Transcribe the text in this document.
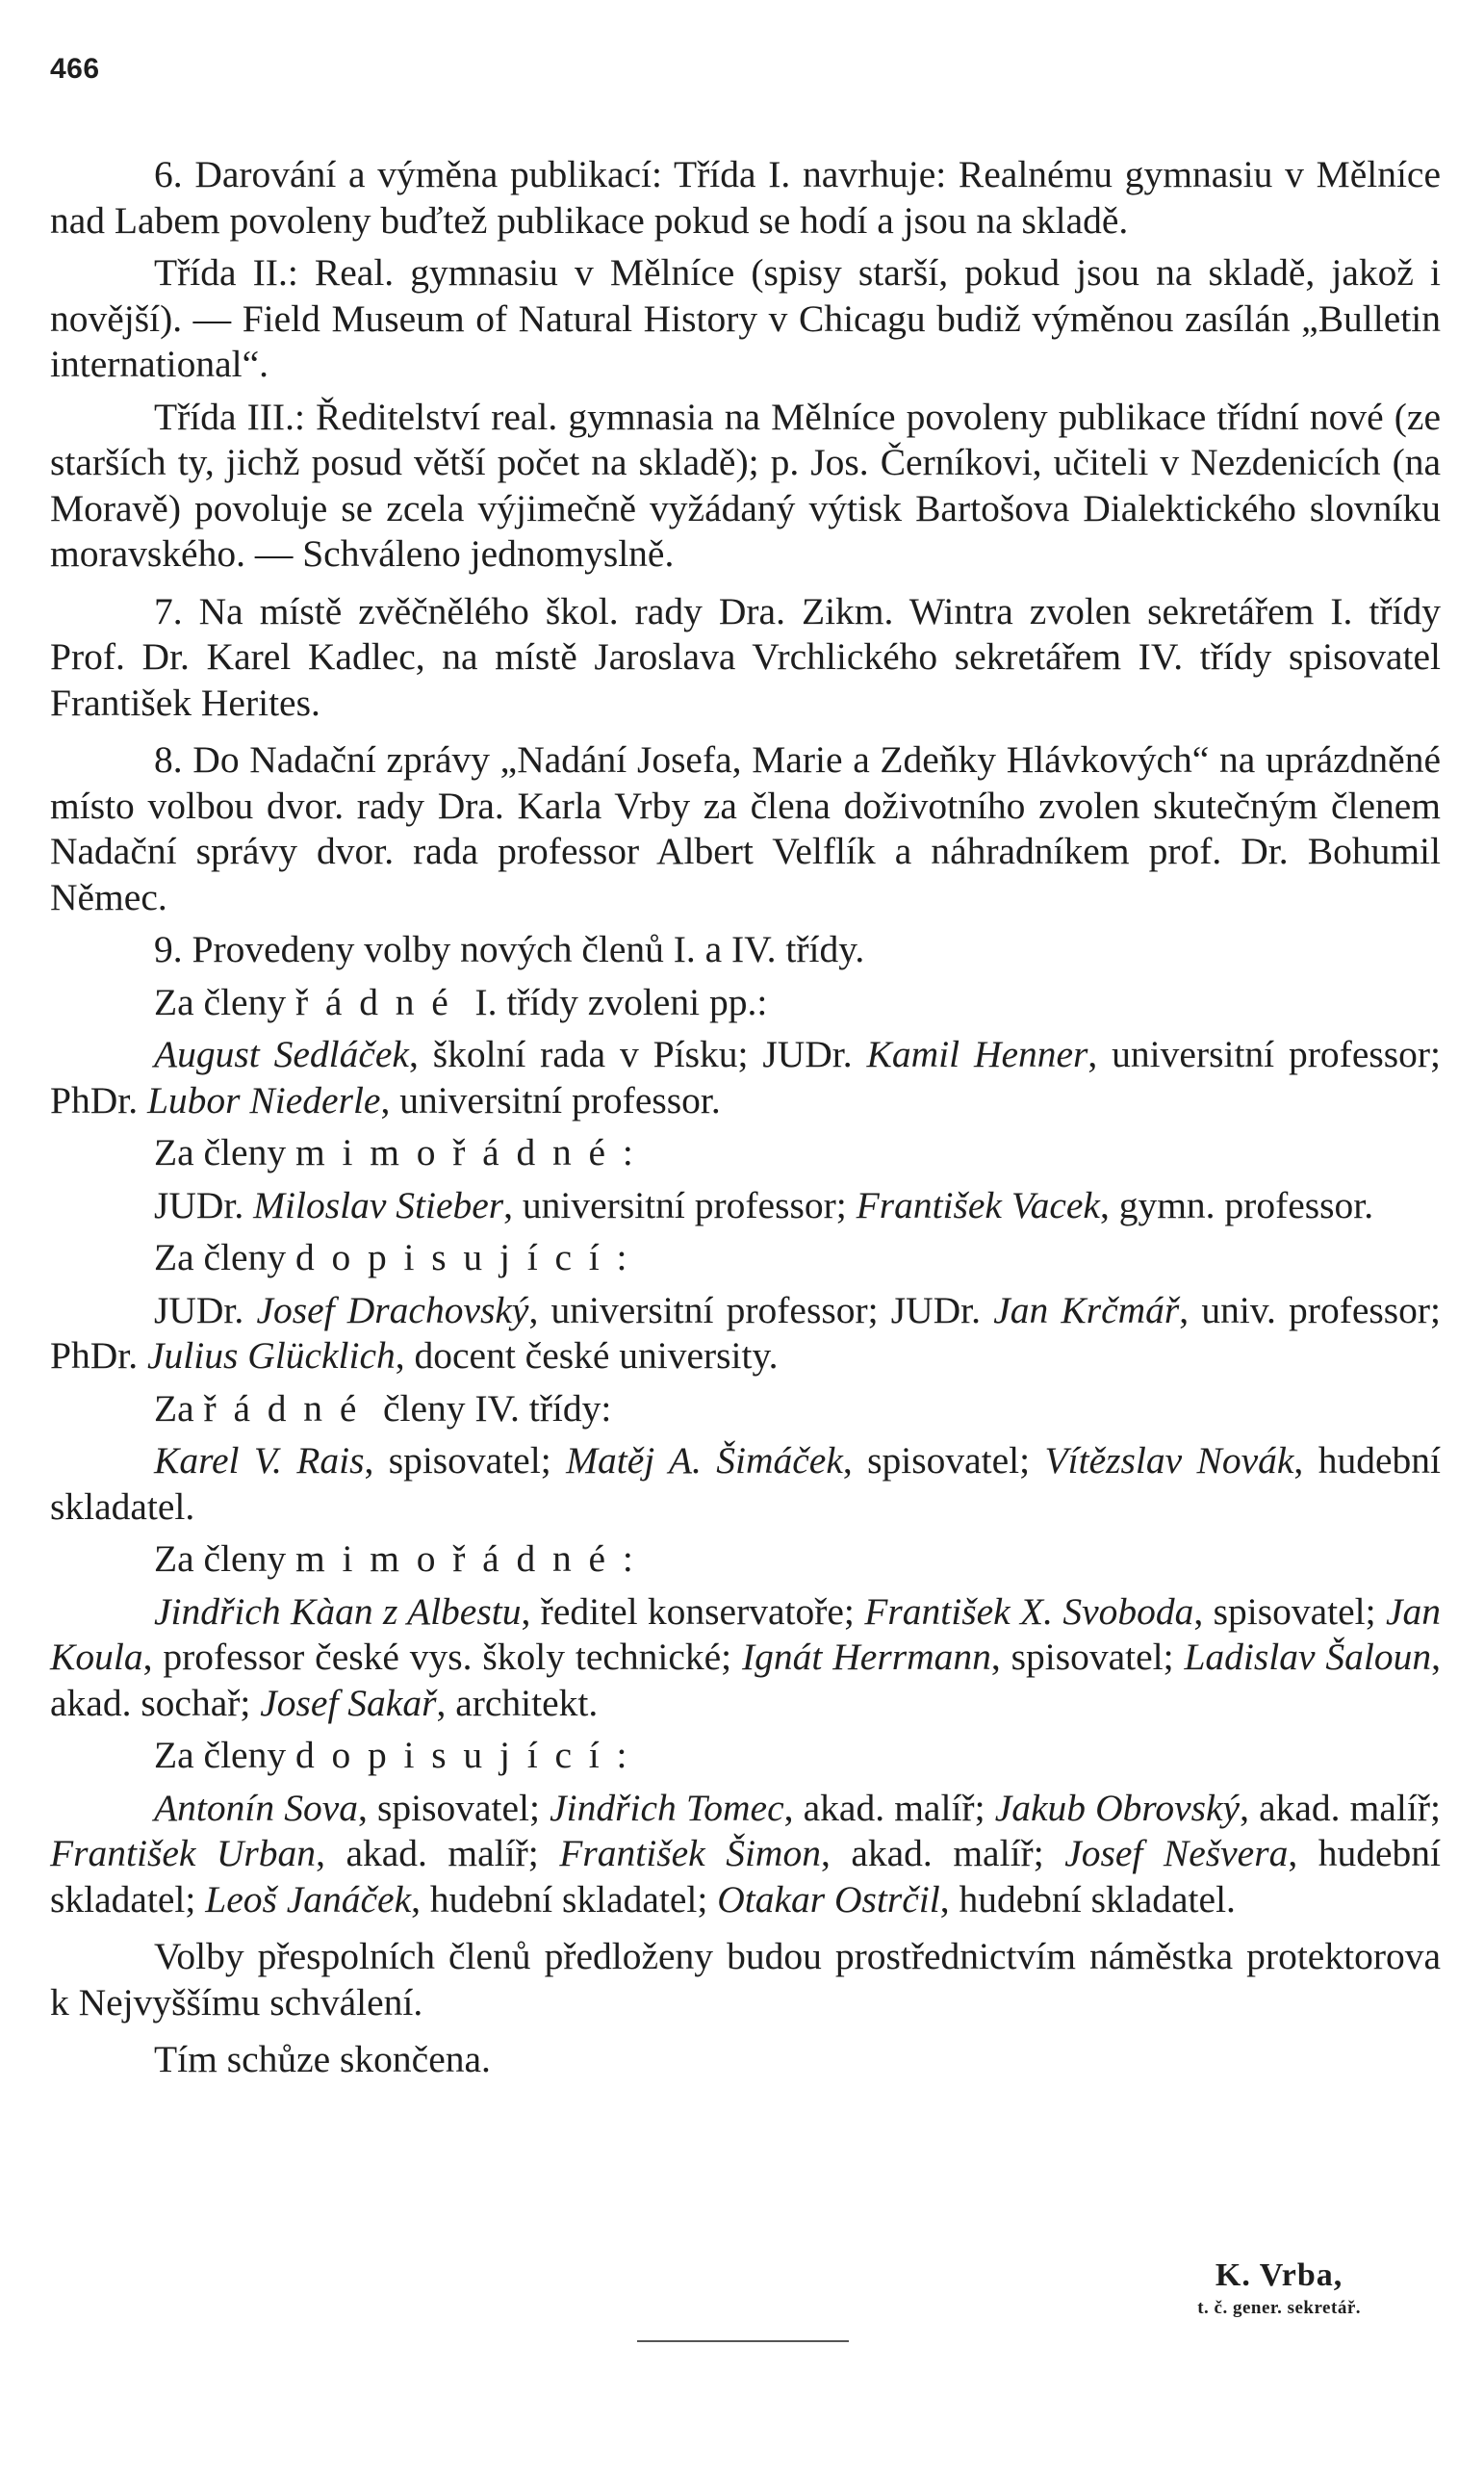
466

6. Darování a výměna publikací: Třída I. navrhuje: Realnému gymnasiu v Mělníce nad Labem povoleny buďtež publikace pokud se hodí a jsou na skladě.

Třída II.: Real. gymnasiu v Mělníce (spisy starší, pokud jsou na skladě, jakož i novější). — Field Museum of Natural History v Chicagu budiž výměnou zasílán „Bulletin international“.

Třída III.: Ředitelství real. gymnasia na Mělníce povoleny publikace třídní nové (ze starších ty, jichž posud větší počet na skladě); p. Jos. Černíkovi, učiteli v Nezdenicích (na Moravě) povoluje se zcela výjimečně vyžádaný výtisk Bartošova Dialektického slovníku moravského. — Schváleno jednomyslně.

7. Na místě zvěčnělého škol. rady Dra. Zikm. Wintra zvolen sekretářem I. třídy Prof. Dr. Karel Kadlec, na místě Jaroslava Vrchlického sekretářem IV. třídy spisovatel František Herites.

8. Do Nadační zprávy „Nadání Josefa, Marie a Zdeňky Hlávkových“ na uprázdněné místo volbou dvor. rady Dra. Karla Vrby za člena doživotního zvolen skutečným členem Nadační správy dvor. rada professor Albert Velflík a náhradníkem prof. Dr. Bohumil Němec.

9. Provedeny volby nových členů I. a IV. třídy.

Za členy řádné I. třídy zvoleni pp.:

August Sedláček, školní rada v Písku; JUDr. Kamil Henner, universitní professor; PhDr. Lubor Niederle, universitní professor.

Za členy mimořádné:

JUDr. Miloslav Stieber, universitní professor; František Vacek, gymn. professor.

Za členy dopisující:

JUDr. Josef Drachovský, universitní professor; JUDr. Jan Krčmář, univ. professor; PhDr. Julius Glücklich, docent české university.

Za řádné členy IV. třídy:

Karel V. Rais, spisovatel; Matěj A. Šimáček, spisovatel; Vítězslav Novák, hudební skladatel.

Za členy mimořádné:

Jindřich Kàan z Albestu, ředitel konservatoře; František X. Svoboda, spisovatel; Jan Koula, professor české vys. školy technické; Ignát Herrmann, spisovatel; Ladislav Šaloun, akad. sochař; Josef Sakař, architekt.

Za členy dopisující:

Antonín Sova, spisovatel; Jindřich Tomec, akad. malíř; Jakub Obrovský, akad. malíř; František Urban, akad. malíř; František Šimon, akad. malíř; Josef Nešvera, hudební skladatel; Leoš Janáček, hudební skladatel; Otakar Ostrčil, hudební skladatel.

Volby přespolních členů předloženy budou prostřednictvím náměstka protektorova k Nejvyššímu schválení.

Tím schůze skončena.

K. Vrba,
t. č. gener. sekretář.
